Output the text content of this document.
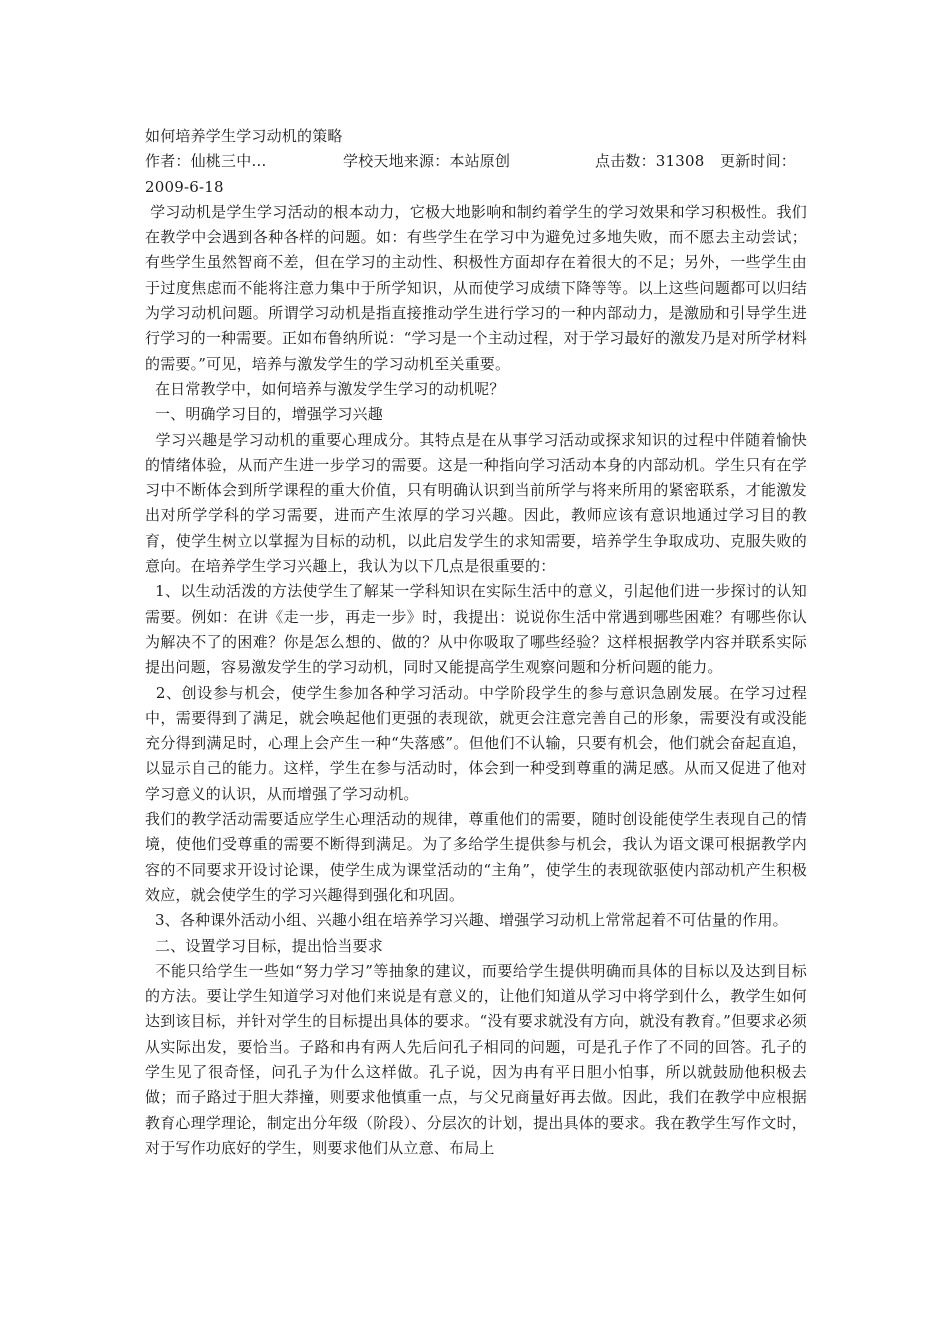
如何培养学生学习动机的策略
作者：仙桃三中…	学校天地来源：本站原创	点击数：31308 更新时间：
2009-6-18

学习动机是学生学习活动的根本动力，它极大地影响和制约着学生的学习效果和学习积极性。我们在教学中会遇到各种各样的问题。如：有些学生在学习中为避免过多地失败，而不愿去主动尝试；有些学生虽然智商不差，但在学习的主动性、积极性方面却存在着很大的不足；另外，一些学生由于过度焦虑而不能将注意力集中于所学知识，从而使学习成绩下降等等。以上这些问题都可以归结为学习动机问题。所谓学习动机是指直接推动学生进行学习的一种内部动力，是激励和引导学生进行学习的一种需要。正如布鲁纳所说：“学习是一个主动过程，对于学习最好的激发乃是对所学材料的需要。”可见，培养与激发学生的学习动机至关重要。

在日常教学中，如何培养与激发学生学习的动机呢？

一、明确学习目的，增强学习兴趣

学习兴趣是学习动机的重要心理成分。其特点是在从事学习活动或探求知识的过程中伴随着愉快的情绪体验，从而产生进一步学习的需要。这是一种指向学习活动本身的内部动机。学生只有在学习中不断体会到所学课程的重大价值，只有明确认识到当前所学与将来所用的紧密联系，才能激发出对所学学科的学习需要，进而产生浓厚的学习兴趣。因此，教师应该有意识地通过学习目的教育，使学生树立以掌握为目标的动机，以此启发学生的求知需要，培养学生争取成功、克服失败的意向。在培养学生学习兴趣上，我认为以下几点是很重要的：

1、以生动活泼的方法使学生了解某一学科知识在实际生活中的意义，引起他们进一步探讨的认知需要。例如：在讲《走一步，再走一步》时，我提出：说说你生活中常遇到哪些困难？有哪些你认为解决不了的困难？你是怎么想的、做的？从中你吸取了哪些经验？这样根据教学内容并联系实际提出问题，容易激发学生的学习动机，同时又能提高学生观察问题和分析问题的能力。

2、创设参与机会，使学生参加各种学习活动。中学阶段学生的参与意识急剧发展。在学习过程中，需要得到了满足，就会唤起他们更强的表现欲，就更会注意完善自己的形象，需要没有或没能充分得到满足时，心理上会产生一种“失落感”。但他们不认输，只要有机会，他们就会奋起直追，以显示自己的能力。这样，学生在参与活动时，体会到一种受到尊重的满足感。从而又促进了他对学习意义的认识，从而增强了学习动机。

我们的教学活动需要适应学生心理活动的规律，尊重他们的需要，随时创设能使学生表现自己的情境，使他们受尊重的需要不断得到满足。为了多给学生提供参与机会，我认为语文课可根据教学内容的不同要求开设讨论课，使学生成为课堂活动的“主角”，使学生的表现欲驱使内部动机产生积极效应，就会使学生的学习兴趣得到强化和巩固。

3、各种课外活动小组、兴趣小组在培养学习兴趣、增强学习动机上常常起着不可估量的作用。

二、设置学习目标，提出恰当要求

不能只给学生一些如“努力学习”等抽象的建议，而要给学生提供明确而具体的目标以及达到目标的方法。要让学生知道学习对他们来说是有意义的，让他们知道从学习中将学到什么，教学生如何达到该目标，并针对学生的目标提出具体的要求。“没有要求就没有方向，就没有教育。”但要求必须从实际出发，要恰当。子路和冉有两人先后问孔子相同的问题，可是孔子作了不同的回答。孔子的学生见了很奇怪，问孔子为什么这样做。孔子说，因为冉有平日胆小怕事，所以就鼓励他积极去做；而子路过于胆大莽撞，则要求他慎重一点，与父兄商量好再去做。因此，我们在教学中应根据教育心理学理论，制定出分年级（阶段）、分层次的计划，提出具体的要求。我在教学生写作文时，对于写作功底好的学生，则要求他们从立意、布局上
